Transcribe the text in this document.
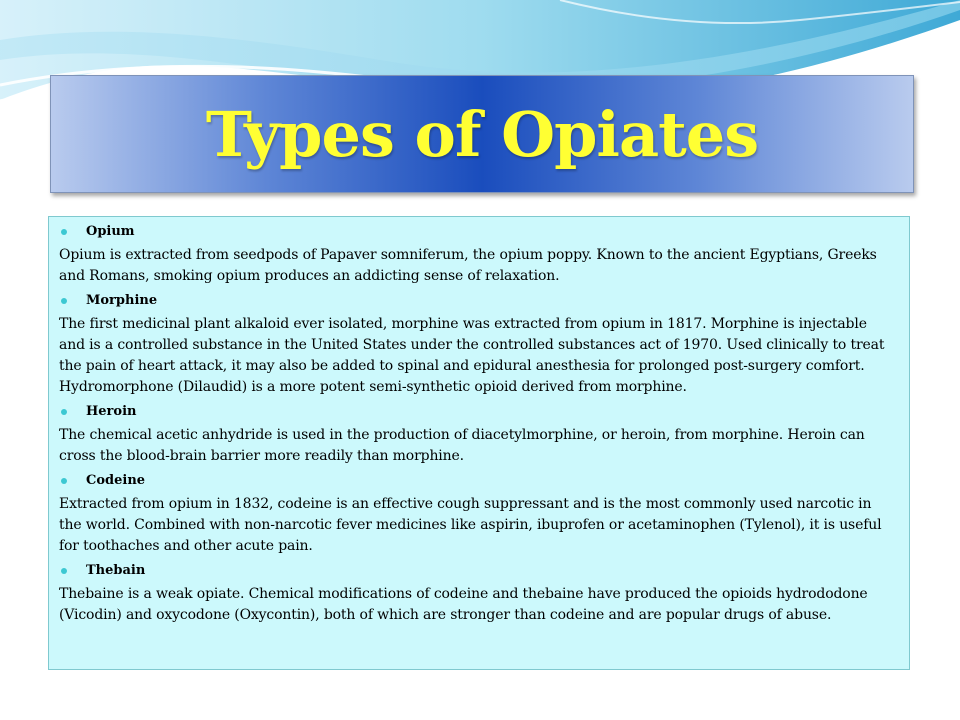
Types of Opiates
Opium

Opium is extracted from seedpods of Papaver somniferum, the opium poppy. Known to the ancient Egyptians, Greeks and Romans, smoking opium produces an addicting sense of relaxation.

Morphine

The first medicinal plant alkaloid ever isolated, morphine was extracted from opium in 1817. Morphine is injectable and is a controlled substance in the United States under the controlled substances act of 1970. Used clinically to treat the pain of heart attack, it may also be added to spinal and epidural anesthesia for prolonged post-surgery comfort. Hydromorphone (Dilaudid) is a more potent semi-synthetic opioid derived from morphine.

Heroin

The chemical acetic anhydride is used in the production of diacetylmorphine, or heroin, from morphine. Heroin can cross the blood-brain barrier more readily than morphine.

Codeine

Extracted from opium in 1832, codeine is an effective cough suppressant and is the most commonly used narcotic in the world. Combined with non-narcotic fever medicines like aspirin, ibuprofen or acetaminophen (Tylenol), it is useful for toothaches and other acute pain.

Thebain

Thebaine is a weak opiate. Chemical modifications of codeine and thebaine have produced the opioids hydrododone (Vicodin) and oxycodone (Oxycontin), both of which are stronger than codeine and are popular drugs of abuse.
